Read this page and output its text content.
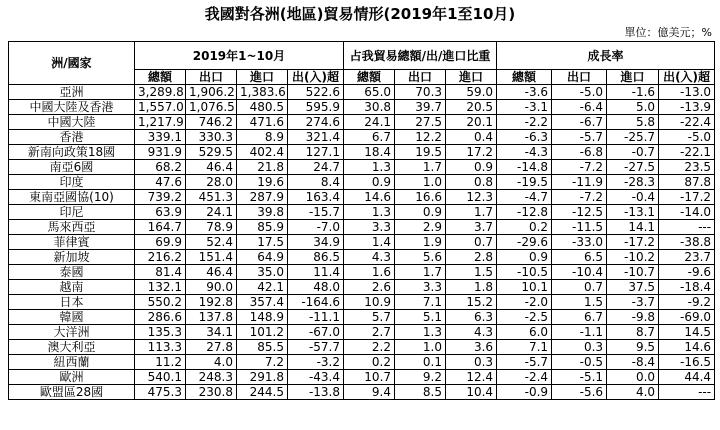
我國對各洲(地區)貿易情形(2019年1至10月)
單位：億美元；%
洲/國家	2019年1~10月				占我貿易總額/出/進口比重			成長率			
	總額	出口	進口	出(入)超	總額	出口	進口	總額	出口	進口	出(入)超
亞洲	3,289.8	1,906.2	1,383.6	522.6	65.0	70.3	59.0	-3.6	-5.0	-1.6	-13.0
中國大陸及香港	1,557.0	1,076.5	480.5	595.9	30.8	39.7	20.5	-3.1	-6.4	5.0	-13.9
中國大陸	1,217.9	746.2	471.6	274.6	24.1	27.5	20.1	-2.2	-6.7	5.8	-22.4
香港	339.1	330.3	8.9	321.4	6.7	12.2	0.4	-6.3	-5.7	-25.7	-5.0
新南向政策18國	931.9	529.5	402.4	127.1	18.4	19.5	17.2	-4.3	-6.8	-0.7	-22.1
南亞6國	68.2	46.4	21.8	24.7	1.3	1.7	0.9	-14.8	-7.2	-27.5	23.5
印度	47.6	28.0	19.6	8.4	0.9	1.0	0.8	-19.5	-11.9	-28.3	87.8
東南亞國協(10)	739.2	451.3	287.9	163.4	14.6	16.6	12.3	-4.7	-7.2	-0.4	-17.2
印尼	63.9	24.1	39.8	-15.7	1.3	0.9	1.7	-12.8	-12.5	-13.1	-14.0
馬來西亞	164.7	78.9	85.9	-7.0	3.3	2.9	3.7	0.2	-11.5	14.1	---
菲律賓	69.9	52.4	17.5	34.9	1.4	1.9	0.7	-29.6	-33.0	-17.2	-38.8
新加坡	216.2	151.4	64.9	86.5	4.3	5.6	2.8	0.9	6.5	-10.2	23.7
泰國	81.4	46.4	35.0	11.4	1.6	1.7	1.5	-10.5	-10.4	-10.7	-9.6
越南	132.1	90.0	42.1	48.0	2.6	3.3	1.8	10.1	0.7	37.5	-18.4
日本	550.2	192.8	357.4	-164.6	10.9	7.1	15.2	-2.0	1.5	-3.7	-9.2
韓國	286.6	137.8	148.9	-11.1	5.7	5.1	6.3	-2.5	6.7	-9.8	-69.0
大洋洲	135.3	34.1	101.2	-67.0	2.7	1.3	4.3	6.0	-1.1	8.7	14.5
澳大利亞	113.3	27.8	85.5	-57.7	2.2	1.0	3.6	7.1	0.3	9.5	14.6
紐西蘭	11.2	4.0	7.2	-3.2	0.2	0.1	0.3	-5.7	-0.5	-8.4	-16.5
歐洲	540.1	248.3	291.8	-43.4	10.7	9.2	12.4	-2.4	-5.1	0.0	44.4
歐盟區28國	475.3	230.8	244.5	-13.8	9.4	8.5	10.4	-0.9	-5.6	4.0	---
